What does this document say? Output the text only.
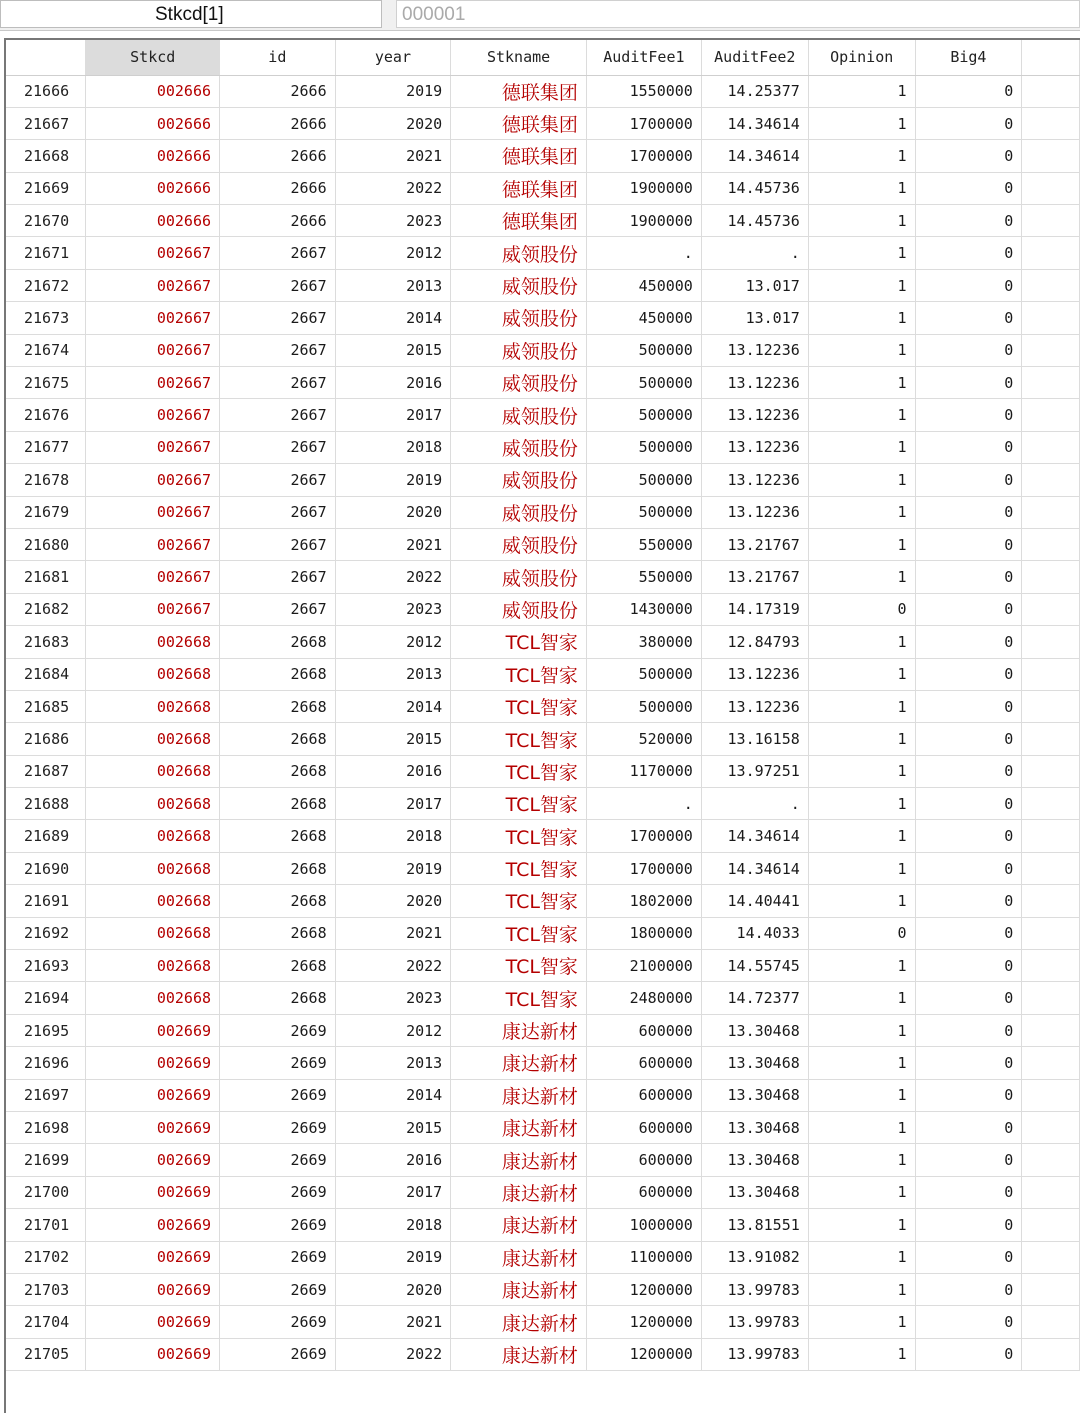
Stkcd[1]	000001
	Stkcd	id	year	Stkname	AuditFee1	AuditFee2	Opinion	Big4	
21666	002666	2666	2019	德联集团	1550000	14.25377	1	0	
21667	002666	2666	2020	德联集团	1700000	14.34614	1	0	
21668	002666	2666	2021	德联集团	1700000	14.34614	1	0	
21669	002666	2666	2022	德联集团	1900000	14.45736	1	0	
21670	002666	2666	2023	德联集团	1900000	14.45736	1	0	
21671	002667	2667	2012	威领股份	.	.	1	0	
21672	002667	2667	2013	威领股份	450000	13.017	1	0	
21673	002667	2667	2014	威领股份	450000	13.017	1	0	
21674	002667	2667	2015	威领股份	500000	13.12236	1	0	
21675	002667	2667	2016	威领股份	500000	13.12236	1	0	
21676	002667	2667	2017	威领股份	500000	13.12236	1	0	
21677	002667	2667	2018	威领股份	500000	13.12236	1	0	
21678	002667	2667	2019	威领股份	500000	13.12236	1	0	
21679	002667	2667	2020	威领股份	500000	13.12236	1	0	
21680	002667	2667	2021	威领股份	550000	13.21767	1	0	
21681	002667	2667	2022	威领股份	550000	13.21767	1	0	
21682	002667	2667	2023	威领股份	1430000	14.17319	0	0	
21683	002668	2668	2012	TCL智家	380000	12.84793	1	0	
21684	002668	2668	2013	TCL智家	500000	13.12236	1	0	
21685	002668	2668	2014	TCL智家	500000	13.12236	1	0	
21686	002668	2668	2015	TCL智家	520000	13.16158	1	0	
21687	002668	2668	2016	TCL智家	1170000	13.97251	1	0	
21688	002668	2668	2017	TCL智家	.	.	1	0	
21689	002668	2668	2018	TCL智家	1700000	14.34614	1	0	
21690	002668	2668	2019	TCL智家	1700000	14.34614	1	0	
21691	002668	2668	2020	TCL智家	1802000	14.40441	1	0	
21692	002668	2668	2021	TCL智家	1800000	14.4033	0	0	
21693	002668	2668	2022	TCL智家	2100000	14.55745	1	0	
21694	002668	2668	2023	TCL智家	2480000	14.72377	1	0	
21695	002669	2669	2012	康达新材	600000	13.30468	1	0	
21696	002669	2669	2013	康达新材	600000	13.30468	1	0	
21697	002669	2669	2014	康达新材	600000	13.30468	1	0	
21698	002669	2669	2015	康达新材	600000	13.30468	1	0	
21699	002669	2669	2016	康达新材	600000	13.30468	1	0	
21700	002669	2669	2017	康达新材	600000	13.30468	1	0	
21701	002669	2669	2018	康达新材	1000000	13.81551	1	0	
21702	002669	2669	2019	康达新材	1100000	13.91082	1	0	
21703	002669	2669	2020	康达新材	1200000	13.99783	1	0	
21704	002669	2669	2021	康达新材	1200000	13.99783	1	0	
21705	002669	2669	2022	康达新材	1200000	13.99783	1	0	
